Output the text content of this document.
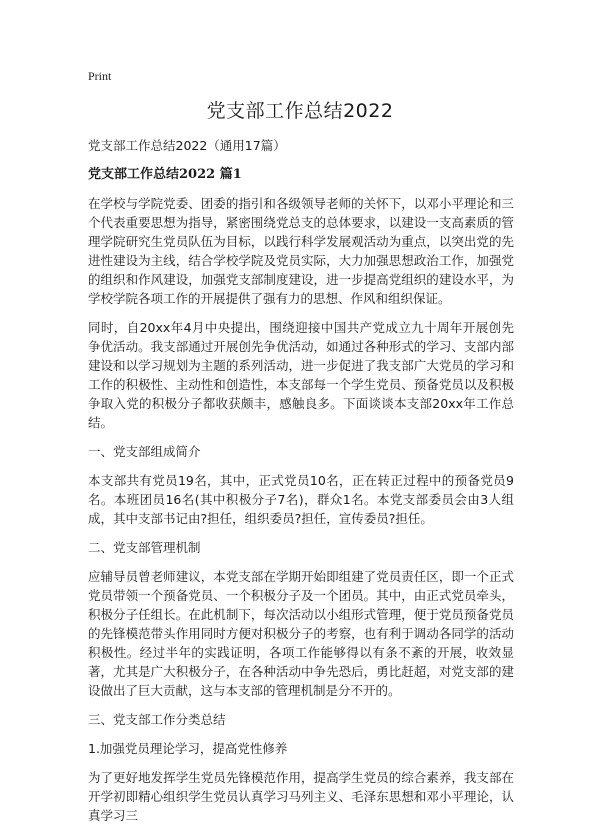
Print
党支部工作总结2022

党支部工作总结2022（通用17篇）

党支部工作总结2022 篇1

在学校与学院党委、团委的指引和各级领导老师的关怀下，以邓小平理论和三个代表重要思想为指导，紧密围绕党总支的总体要求，以建设一支高素质的管理学院研究生党员队伍为目标，以践行科学发展观活动为重点，以突出党的先进性建设为主线，结合学校学院及党员实际，大力加强思想政治工作，加强党的组织和作风建设，加强党支部制度建设，进一步提高党组织的建设水平，为学校学院各项工作的开展提供了强有力的思想、作风和组织保证。

同时，自20xx年4月中央提出，围绕迎接中国共产党成立九十周年开展创先争优活动。我支部通过开展创先争优活动，如通过各种形式的学习、支部内部建设和以学习规划为主题的系列活动，进一步促进了我支部广大党员的学习和工作的积极性、主动性和创造性，本支部每一个学生党员、预备党员以及积极争取入党的积极分子都收获颇丰，感触良多。下面谈谈本支部20xx年工作总结。

一、党支部组成简介

本支部共有党员19名，其中，正式党员10名，正在转正过程中的预备党员9名。本班团员16名(其中积极分子7名)，群众1名。本党支部委员会由3人组成，其中支部书记由?担任，组织委员?担任，宣传委员?担任。

二、党支部管理机制

应辅导员曾老师建议，本党支部在学期开始即组建了党员责任区，即一个正式党员带领一个预备党员、一个积极分子及一个团员。其中，由正式党员牵头，积极分子任组长。在此机制下，每次活动以小组形式管理，便于党员预备党员的先锋模范带头作用同时方便对积极分子的考察，也有利于调动各同学的活动积极性。经过半年的实践证明，各项工作能够得以有条不紊的开展，收效显著，尤其是广大积极分子，在各种活动中争先恐后，勇比赶超，对党支部的建设做出了巨大贡献，这与本支部的管理机制是分不开的。

三、党支部工作分类总结

1.加强党员理论学习，提高党性修养

为了更好地发挥学生党员先锋模范作用，提高学生党员的综合素养，我支部在开学初即精心组织学生党员认真学习马列主义、毛泽东思想和邓小平理论，认真学习三
